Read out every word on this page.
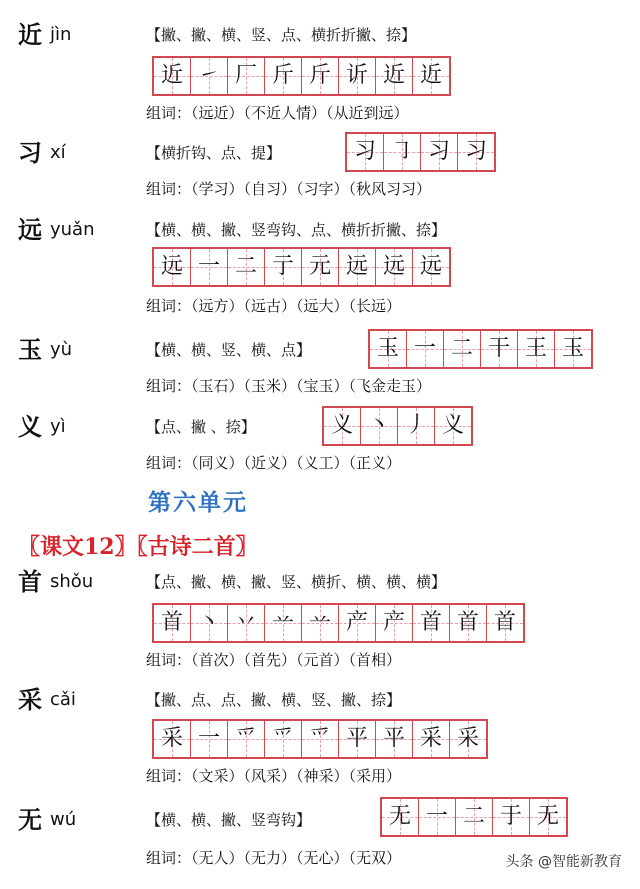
近 jìn	【撇、撇、横、竖、点、横折折撇、捺】
近 ㇀ 厂 斤 斤 䜣 近 近
组词：（远近）（不近人情）（从近到远）
习 xí	【横折钩、点、提】	习 ㇆ 习 习
组词：（学习）（自习）（习字）（秋风习习）
远 yuǎn	【横、横、撇、竖弯钩、点、横折折撇、捺】
远 一 二 亍 元 远 远 远
组词：（远方）（远古）（远大）（长远）
玉 yù	【横、横、竖、横、点】	玉 一 二 干 王 玉
组词：（玉石）（玉米）（宝玉）（飞金走玉）
义 yì	【点、撇 、捺】	义 丶 丿 义
组词：（同义）（近义）（义工）（正义）
第六单元
〖课文12〗〖古诗二首〗
首 shǒu	【点、撇、横、撇、竖、横折、横、横、横】
首 丶 丷 䒑 䒑 产 产 首 首 首
组词：（首次）（首先）（元首）（首相）
采 cǎi	【撇、点、点、撇、横、竖、撇、捺】
采 一 爫 爫 爫 平 平 采 采
组词：（文采）（风采）（神采）（采用）
无 wú	【横、横、撇、竖弯钩】	无 一 二 于 无
组词：（无人）（无力）（无心）（无双）	头条 @智能新教育
